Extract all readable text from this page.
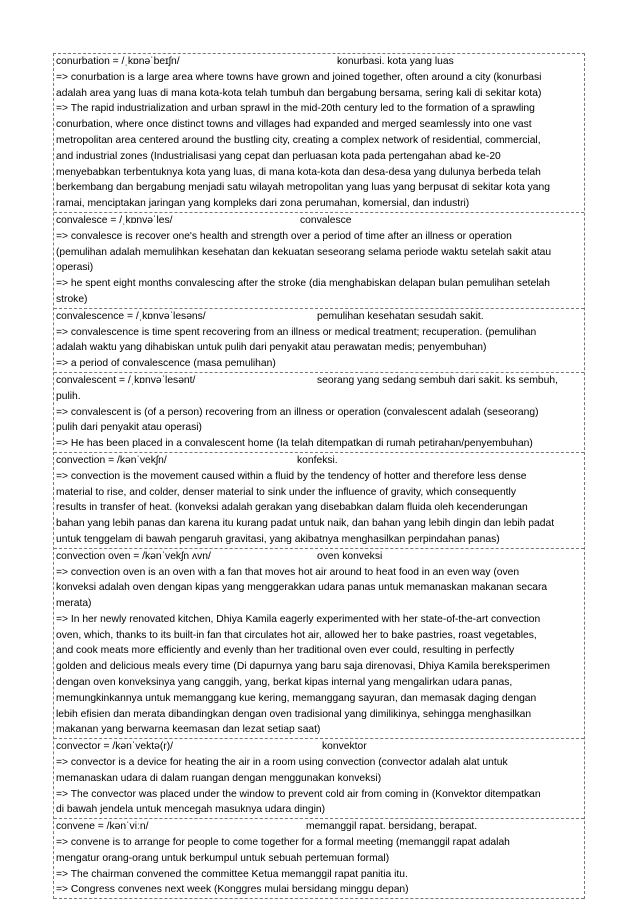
conurbation = /ˌkɒnəˈbeɪʃn/	konurbasi. kota yang luas
=> conurbation is a large area where towns have grown and joined together, often around a city (konurbasi
adalah area yang luas di mana kota-kota telah tumbuh dan bergabung bersama, sering kali di sekitar kota)
=> The rapid industrialization and urban sprawl in the mid-20th century led to the formation of a sprawling
conurbation, where once distinct towns and villages had expanded and merged seamlessly into one vast
metropolitan area centered around the bustling city, creating a complex network of residential, commercial,
and industrial zones (Industrialisasi yang cepat dan perluasan kota pada pertengahan abad ke-20
menyebabkan terbentuknya kota yang luas, di mana kota-kota dan desa-desa yang dulunya berbeda telah
berkembang dan bergabung menjadi satu wilayah metropolitan yang luas yang berpusat di sekitar kota yang
ramai, menciptakan jaringan yang kompleks dari zona perumahan, komersial, dan industri)
convalesce = /ˌkɒnvəˈles/	convalesce
=> convalesce is recover one's health and strength over a period of time after an illness or operation
(pemulihan adalah memulihkan kesehatan dan kekuatan seseorang selama periode waktu setelah sakit atau
operasi)
=> he spent eight months convalescing after the stroke (dia menghabiskan delapan bulan pemulihan setelah
stroke)
convalescence = /ˌkɒnvəˈlesəns/	pemulihan kesehatan sesudah sakit.
=> convalescence is time spent recovering from an illness or medical treatment; recuperation. (pemulihan
adalah waktu yang dihabiskan untuk pulih dari penyakit atau perawatan medis; penyembuhan)
=> a period of convalescence (masa pemulihan)
convalescent = /ˌkɒnvəˈlesənt/	seorang yang sedang sembuh dari sakit. ks sembuh,
pulih.
=> convalescent is (of a person) recovering from an illness or operation (convalescent adalah (seseorang)
pulih dari penyakit atau operasi)
=> He has been placed in a convalescent home (Ia telah ditempatkan di rumah petirahan/penyembuhan)
convection = /kənˈvekʃn/	konfeksi.
=> convection is the movement caused within a fluid by the tendency of hotter and therefore less dense
material to rise, and colder, denser material to sink under the influence of gravity, which consequently
results in transfer of heat. (konveksi adalah gerakan yang disebabkan dalam fluida oleh kecenderungan
bahan yang lebih panas dan karena itu kurang padat untuk naik, dan bahan yang lebih dingin dan lebih padat
untuk tenggelam di bawah pengaruh gravitasi, yang akibatnya menghasilkan perpindahan panas)
convection oven = /kənˈvekʃn ʌvn/	oven konveksi
=> convection oven is an oven with a fan that moves hot air around to heat food in an even way (oven
konveksi adalah oven dengan kipas yang menggerakkan udara panas untuk memanaskan makanan secara
merata)
=> In her newly renovated kitchen, Dhiya Kamila eagerly experimented with her state-of-the-art convection
oven, which, thanks to its built-in fan that circulates hot air, allowed her to bake pastries, roast vegetables,
and cook meats more efficiently and evenly than her traditional oven ever could, resulting in perfectly
golden and delicious meals every time (Di dapurnya yang baru saja direnovasi, Dhiya Kamila bereksperimen
dengan oven konveksinya yang canggih, yang, berkat kipas internal yang mengalirkan udara panas,
memungkinkannya untuk memanggang kue kering, memanggang sayuran, dan memasak daging dengan
lebih efisien dan merata dibandingkan dengan oven tradisional yang dimilikinya, sehingga menghasilkan
makanan yang berwarna keemasan dan lezat setiap saat)
convector = /kənˈvektə(r)/	konvektor
=> convector is a device for heating the air in a room using convection (convector adalah alat untuk
memanaskan udara di dalam ruangan dengan menggunakan konveksi)
=> The convector was placed under the window to prevent cold air from coming in (Konvektor ditempatkan
di bawah jendela untuk mencegah masuknya udara dingin)
convene = /kənˈviːn/	memanggil rapat. bersidang, berapat.
=> convene is to arrange for people to come together for a formal meeting (memanggil rapat adalah
mengatur orang-orang untuk berkumpul untuk sebuah pertemuan formal)
=> The chairman convened the committee Ketua memanggil rapat panitia itu.
=> Congress convenes next week (Konggres mulai bersidang minggu depan)
